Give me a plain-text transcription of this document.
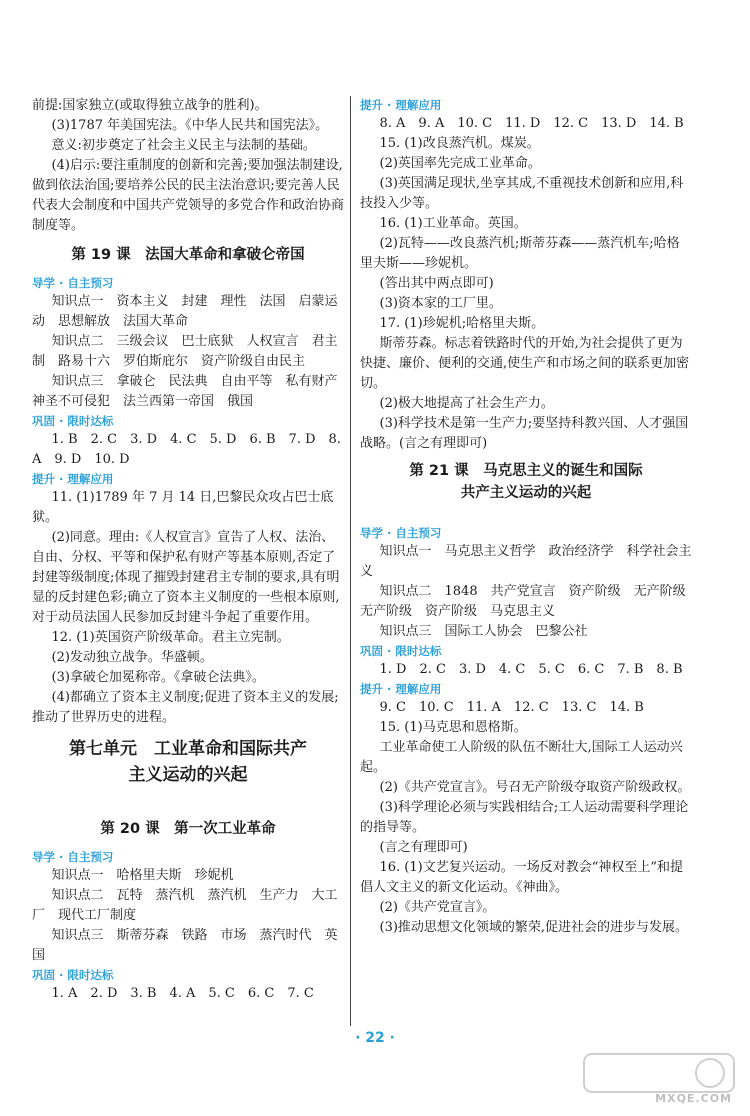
前提:国家独立(或取得独立战争的胜利)。

(3)1787 年美国宪法。《中华人民共和国宪法》。

意义:初步奠定了社会主义民主与法制的基础。

(4)启示:要注重制度的创新和完善;要加强法制建设,做到依法治国;要培养公民的民主法治意识;要完善人民代表大会制度和中国共产党领导的多党合作和政治协商制度等。

第 19 课　法国大革命和拿破仑帝国

导学 · 自主预习

知识点一　资本主义　封建　理性　法国　启蒙运动　思想解放　法国大革命

知识点二　三级会议　巴士底狱　人权宣言　君主制　路易十六　罗伯斯庇尔　资产阶级自由民主

知识点三　拿破仑　民法典　自由平等　私有财产神圣不可侵犯　法兰西第一帝国　俄国

巩固 · 限时达标

1. B　2. C　3. D　4. C　5. D　6. B　7. D　8. A　9. D　10. D

提升 · 理解应用

11. (1)1789 年 7 月 14 日,巴黎民众攻占巴士底狱。

(2)同意。理由:《人权宣言》宣告了人权、法治、自由、分权、平等和保护私有财产等基本原则,否定了封建等级制度;体现了摧毁封建君主专制的要求,具有明显的反封建色彩;确立了资本主义制度的一些根本原则,对于动员法国人民参加反封建斗争起了重要作用。

12. (1)英国资产阶级革命。君主立宪制。

(2)发动独立战争。华盛顿。

(3)拿破仑加冕称帝。《拿破仑法典》。

(4)都确立了资本主义制度;促进了资本主义的发展;推动了世界历史的进程。

第七单元　工业革命和国际共产

主义运动的兴起

第 20 课　第一次工业革命

导学 · 自主预习

知识点一　哈格里夫斯　珍妮机

知识点二　瓦特　蒸汽机　蒸汽机　生产力　大工厂　现代工厂制度

知识点三　斯蒂芬森　铁路　市场　蒸汽时代　英国

巩固 · 限时达标

1. A　2. D　3. B　4. A　5. C　6. C　7. C

提升 · 理解应用

8. A　9. A　10. C　11. D　12. C　13. D　14. B

15. (1)改良蒸汽机。煤炭。

(2)英国率先完成工业革命。

(3)英国满足现状,坐享其成,不重视技术创新和应用,科技投入少等。

16. (1)工业革命。英国。

(2)瓦特——改良蒸汽机;斯蒂芬森——蒸汽机车;哈格里夫斯——珍妮机。

(答出其中两点即可)

(3)资本家的工厂里。

17. (1)珍妮机;哈格里夫斯。

斯蒂芬森。标志着铁路时代的开始,为社会提供了更为快捷、廉价、便利的交通,使生产和市场之间的联系更加密切。

(2)极大地提高了社会生产力。

(3)科学技术是第一生产力;要坚持科教兴国、人才强国战略。(言之有理即可)

第 21 课　马克思主义的诞生和国际

共产主义运动的兴起

导学 · 自主预习

知识点一　马克思主义哲学　政治经济学　科学社会主义

知识点二　1848　共产党宣言　资产阶级　无产阶级　无产阶级　资产阶级　马克思主义

知识点三　国际工人协会　巴黎公社

巩固 · 限时达标

1. D　2. C　3. D　4. C　5. C　6. C　7. B　8. B

提升 · 理解应用

9. C　10. C　11. A　12. C　13. C　14. B

15. (1)马克思和恩格斯。

工业革命使工人阶级的队伍不断壮大,国际工人运动兴起。

(2)《共产党宣言》。号召无产阶级夺取资产阶级政权。

(3)科学理论必须与实践相结合;工人运动需要科学理论的指导等。

(言之有理即可)

16. (1)文艺复兴运动。一场反对教会“神权至上”和提倡人文主义的新文化运动。《神曲》。

(2)《共产党宣言》。

(3)推动思想文化领域的繁荣,促进社会的进步与发展。

· 22 ·
MXQE.COM
